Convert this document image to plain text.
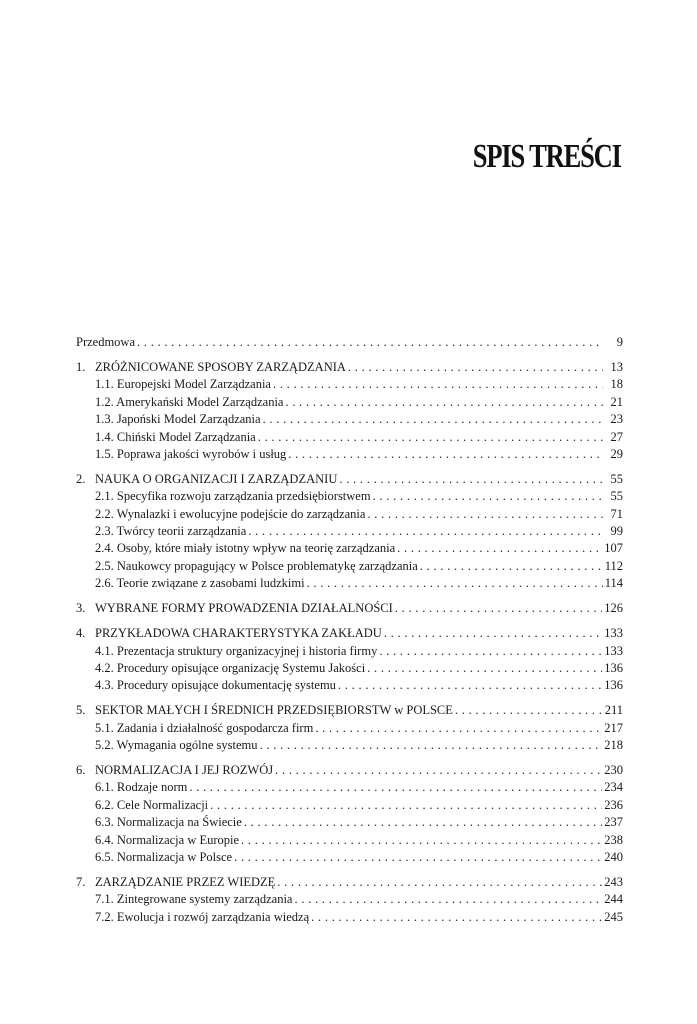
SPIS TREŚCI
Przedmowa . . .	9
1. ZRÓŻNICOWANE SPOSOBY ZARZĄDZANIA . . .	13
1.1. Europejski Model Zarządzania . . .	18
1.2. Amerykański Model Zarządzania . . .	21
1.3. Japoński Model Zarządzania . . .	23
1.4. Chiński Model Zarządzania . . .	27
1.5. Poprawa jakości wyrobów i usług . . .	29
2. NAUKA O ORGANIZACJI I ZARZĄDZANIU . . .	55
2.1. Specyfika rozwoju zarządzania przedsiębiorstwem . . .	55
2.2. Wynalazki i ewolucyjne podejście do zarządzania . . .	71
2.3. Twórcy teorii zarządzania . . .	99
2.4. Osoby, które miały istotny wpływ na teorię zarządzania . . .	107
2.5. Naukowcy propagujący w Polsce problematykę zarządzania . . .	112
2.6. Teorie związane z zasobami ludzkimi . . .	114
3. WYBRANE FORMY PROWADZENIA DZIAŁALNOŚCI . . .	126
4. PRZYKŁADOWA CHARAKTERYSTYKA ZAKŁADU . . .	133
4.1. Prezentacja struktury organizacyjnej i historia firmy . . .	133
4.2. Procedury opisujące organizację Systemu Jakości . . .	136
4.3. Procedury opisujące dokumentację systemu . . .	136
5. SEKTOR MAŁYCH I ŚREDNICH PRZEDSIĘBIORSTW w POLSCE . . .	211
5.1. Zadania i działalność gospodarcza firm . . .	217
5.2. Wymagania ogólne systemu . . .	218
6. NORMALIZACJA I JEJ ROZWÓJ . . .	230
6.1. Rodzaje norm . . .	234
6.2. Cele Normalizacji . . .	236
6.3. Normalizacja na Świecie . . .	237
6.4. Normalizacja w Europie . . .	238
6.5. Normalizacja w Polsce . . .	240
7. ZARZĄDZANIE PRZEZ WIEDZĘ . . .	243
7.1. Zintegrowane systemy zarządzania . . .	244
7.2. Ewolucja i rozwój zarządzania wiedzą . . .	245
